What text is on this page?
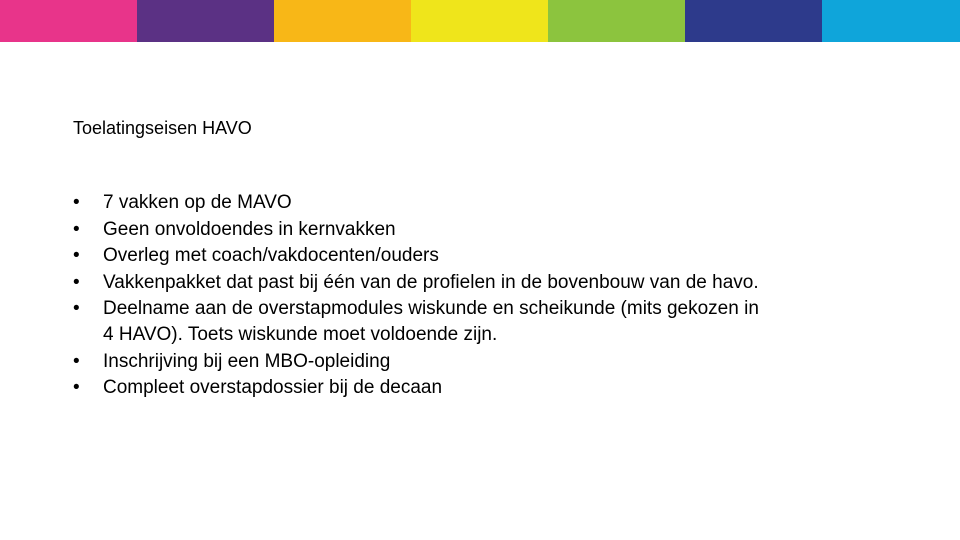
Toelatingseisen HAVO
•	7 vakken op de MAVO
•	Geen onvoldoendes in kernvakken
•	Overleg met coach/vakdocenten/ouders
•	Vakkenpakket dat past bij één van de profielen in de bovenbouw van de havo.
•	Deelname aan de overstapmodules wiskunde en scheikunde (mits gekozen in 4 HAVO). Toets wiskunde moet voldoende zijn.
•	Inschrijving bij een MBO-opleiding
•	Compleet overstapdossier bij de decaan
